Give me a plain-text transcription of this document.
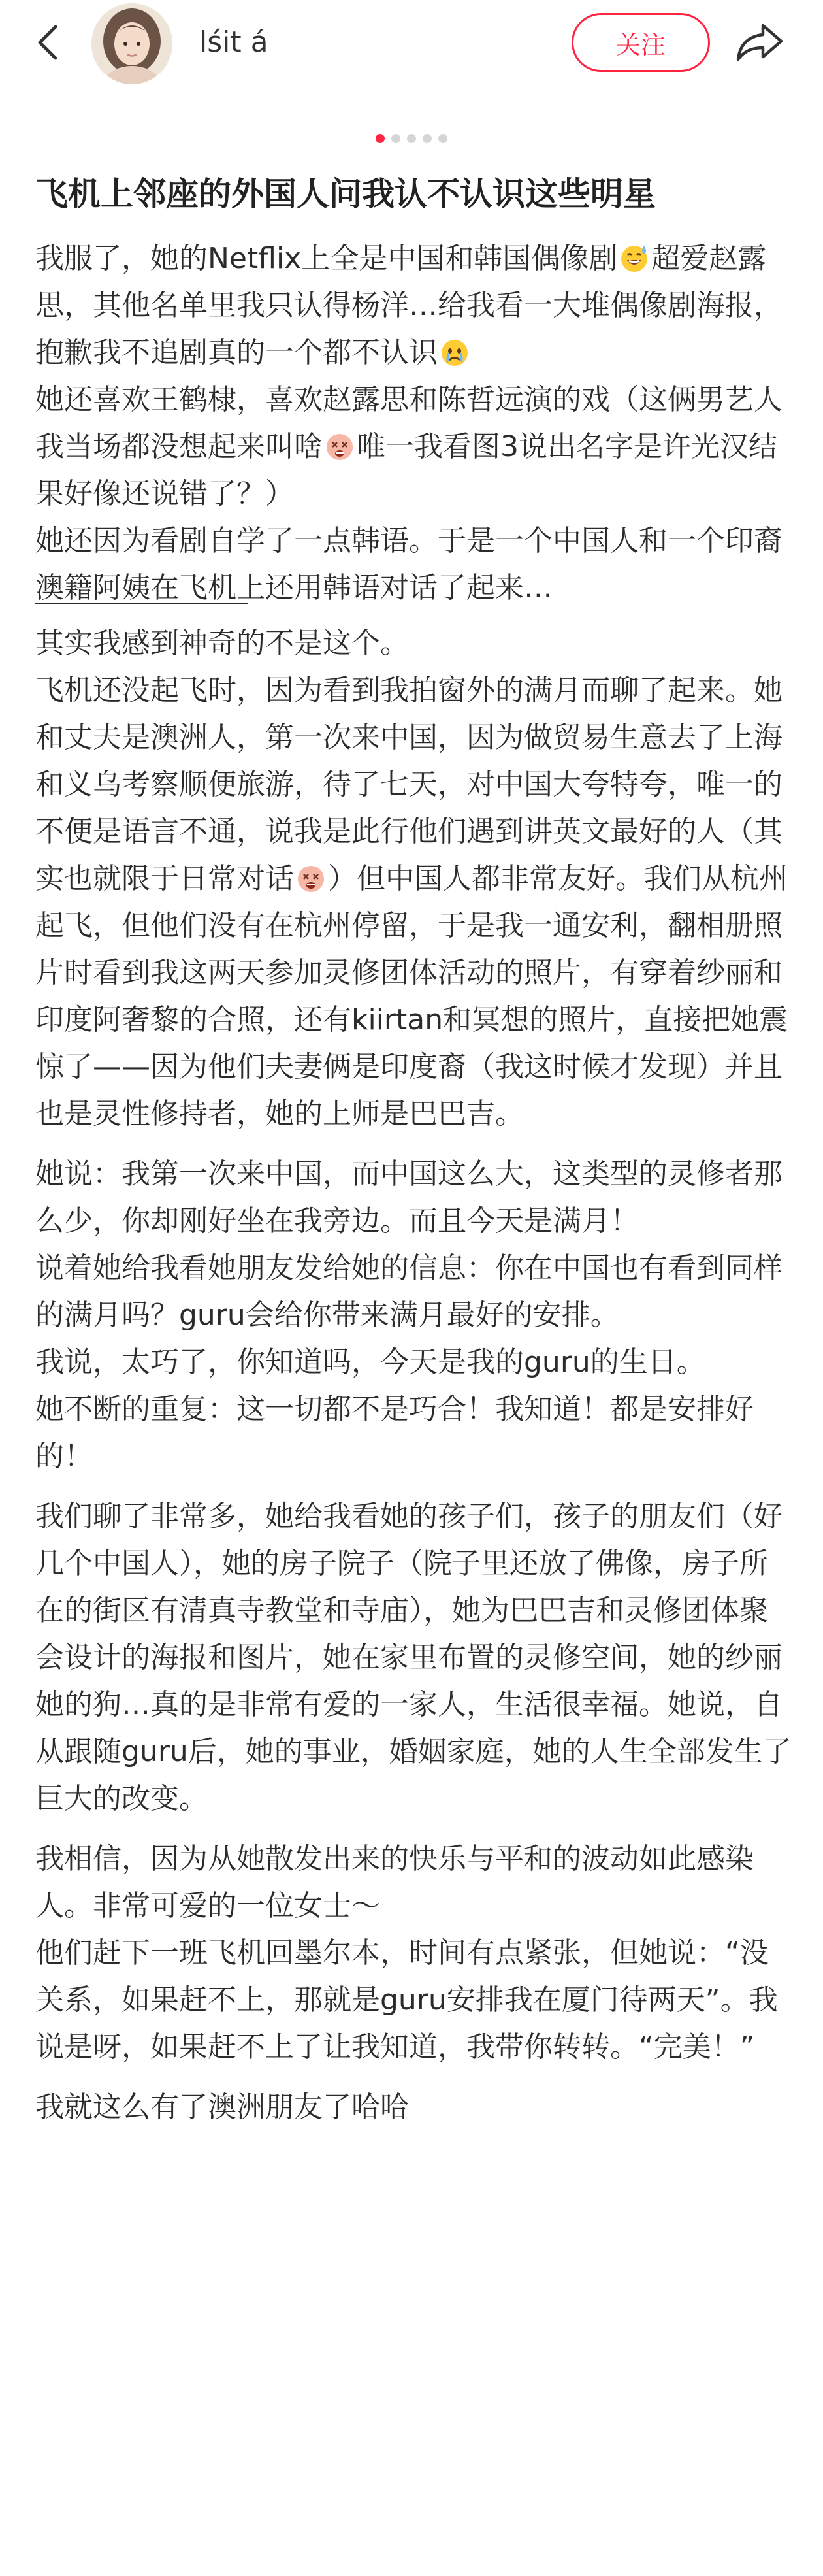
lśit á	关注
飞机上邻座的外国人问我认不认识这些明星

我服了，她的Netflix上全是中国和韩国偶像剧 超爱赵露思，其他名单里我只认得杨洋…给我看一大堆偶像剧海报，抱歉我不追剧真的一个都不认识

她还喜欢王鹤棣，喜欢赵露思和陈哲远演的戏（这俩男艺人我当场都没想起来叫啥 唯一我看图3说出名字是许光汉结果好像还说错了？）

她还因为看剧自学了一点韩语。于是一个中国人和一个印裔澳籍阿姨在飞机上还用韩语对话了起来…

其实我感到神奇的不是这个。

飞机还没起飞时，因为看到我拍窗外的满月而聊了起来。她和丈夫是澳洲人，第一次来中国，因为做贸易生意去了上海和义乌考察顺便旅游，待了七天，对中国大夸特夸，唯一的不便是语言不通，说我是此行他们遇到讲英文最好的人（其实也就限于日常对话 ）但中国人都非常友好。我们从杭州起飞，但他们没有在杭州停留，于是我一通安利，翻相册照片时看到我这两天参加灵修团体活动的照片，有穿着纱丽和印度阿奢黎的合照，还有kiirtan和冥想的照片，直接把她震惊了——因为他们夫妻俩是印度裔（我这时候才发现）并且也是灵性修持者，她的上师是巴巴吉。

她说：我第一次来中国，而中国这么大，这类型的灵修者那么少，你却刚好坐在我旁边。而且今天是满月！

说着她给我看她朋友发给她的信息：你在中国也有看到同样的满月吗？guru会给你带来满月最好的安排。

我说，太巧了，你知道吗，今天是我的guru的生日。

她不断的重复：这一切都不是巧合！我知道！都是安排好的！

我们聊了非常多，她给我看她的孩子们，孩子的朋友们（好几个中国人），她的房子院子（院子里还放了佛像，房子所在的街区有清真寺教堂和寺庙），她为巴巴吉和灵修团体聚会设计的海报和图片，她在家里布置的灵修空间，她的纱丽她的狗…真的是非常有爱的一家人，生活很幸福。她说，自从跟随guru后，她的事业，婚姻家庭，她的人生全部发生了巨大的改变。

我相信，因为从她散发出来的快乐与平和的波动如此感染人。非常可爱的一位女士～

他们赶下一班飞机回墨尔本，时间有点紧张，但她说：“没关系，如果赶不上，那就是guru安排我在厦门待两天”。我说是呀，如果赶不上了让我知道，我带你转转。“完美！”

我就这么有了澳洲朋友了哈哈
